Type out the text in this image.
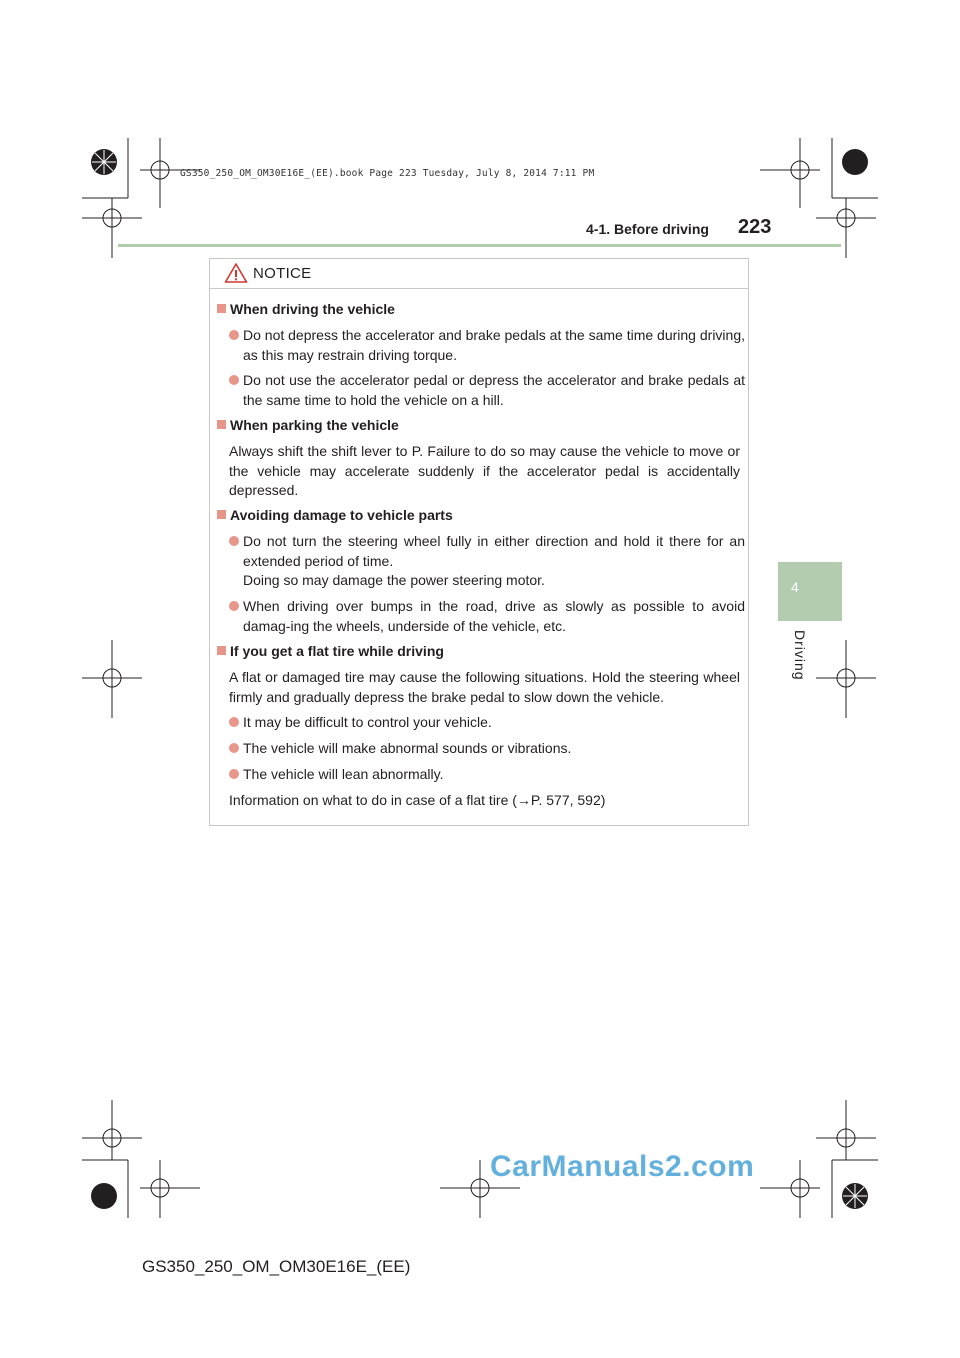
GS350_250_OM_OM30E16E_(EE).book Page 223 Tuesday, July 8, 2014 7:11 PM
4-1. Before driving 223
4
Driving
NOTICE
When driving the vehicle
Do not depress the accelerator and brake pedals at the same time during driving, as this may restrain driving torque.
Do not use the accelerator pedal or depress the accelerator and brake pedals at the same time to hold the vehicle on a hill.
When parking the vehicle
Always shift the shift lever to P. Failure to do so may cause the vehicle to move or the vehicle may accelerate suddenly if the accelerator pedal is accidentally depressed.
Avoiding damage to vehicle parts
Do not turn the steering wheel fully in either direction and hold it there for an extended period of time.
Doing so may damage the power steering motor.
When driving over bumps in the road, drive as slowly as possible to avoid damag-ing the wheels, underside of the vehicle, etc.
If you get a flat tire while driving
A flat or damaged tire may cause the following situations. Hold the steering wheel firmly and gradually depress the brake pedal to slow down the vehicle.
It may be difficult to control your vehicle.
The vehicle will make abnormal sounds or vibrations.
The vehicle will lean abnormally.
Information on what to do in case of a flat tire (→P. 577, 592)
CarManuals2.com
GS350_250_OM_OM30E16E_(EE)
